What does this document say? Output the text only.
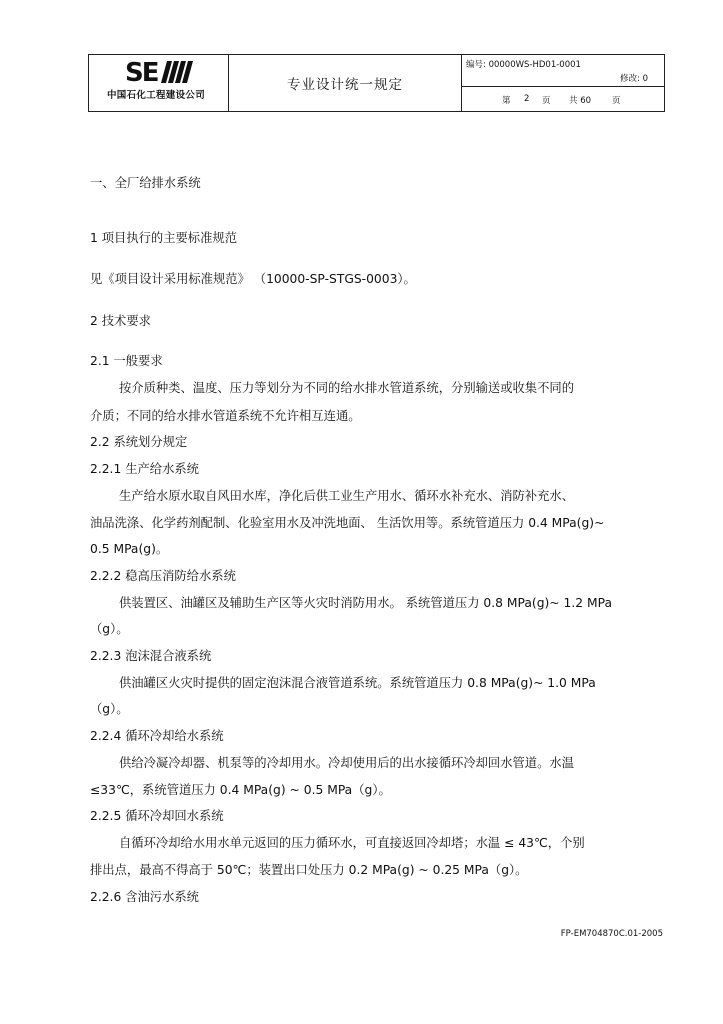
SE
中国石化工程建设公司
专业设计统一规定
编号: 00000WS-HD01-0001
修改: 0
第 2 页 共 60 页
一、全厂给排水系统
1 项目执行的主要标准规范
见《项目设计采用标准规范》 （10000-SP-STGS-0003）。
2 技术要求
2.1 一般要求
按介质种类、温度、压力等划分为不同的给水排水管道系统，分别输送或收集不同的
介质；不同的给水排水管道系统不允许相互连通。
2.2 系统划分规定
2.2.1 生产给水系统
生产给水原水取自风田水库，净化后供工业生产用水、循环水补充水、消防补充水、
油品洗涤、化学药剂配制、化验室用水及冲洗地面、 生活饮用等。系统管道压力 0.4 MPa(g)~
0.5 MPa(g)。
2.2.2 稳高压消防给水系统
供装置区、油罐区及辅助生产区等火灾时消防用水。 系统管道压力 0.8 MPa(g)~ 1.2 MPa
（g）。
2.2.3 泡沫混合液系统
供油罐区火灾时提供的固定泡沫混合液管道系统。系统管道压力 0.8 MPa(g)~ 1.0 MPa
（g）。
2.2.4 循环冷却给水系统
供给冷凝冷却器、机泵等的冷却用水。冷却使用后的出水接循环冷却回水管道。水温
≤33℃，系统管道压力 0.4 MPa(g) ~ 0.5 MPa（g）。
2.2.5 循环冷却回水系统
自循环冷却给水用水单元返回的压力循环水，可直接返回冷却塔；水温 ≤ 43℃，个别
排出点，最高不得高于 50℃；装置出口处压力 0.2 MPa(g) ~ 0.25 MPa（g）。
2.2.6 含油污水系统
FP-EM704870C.01-2005
